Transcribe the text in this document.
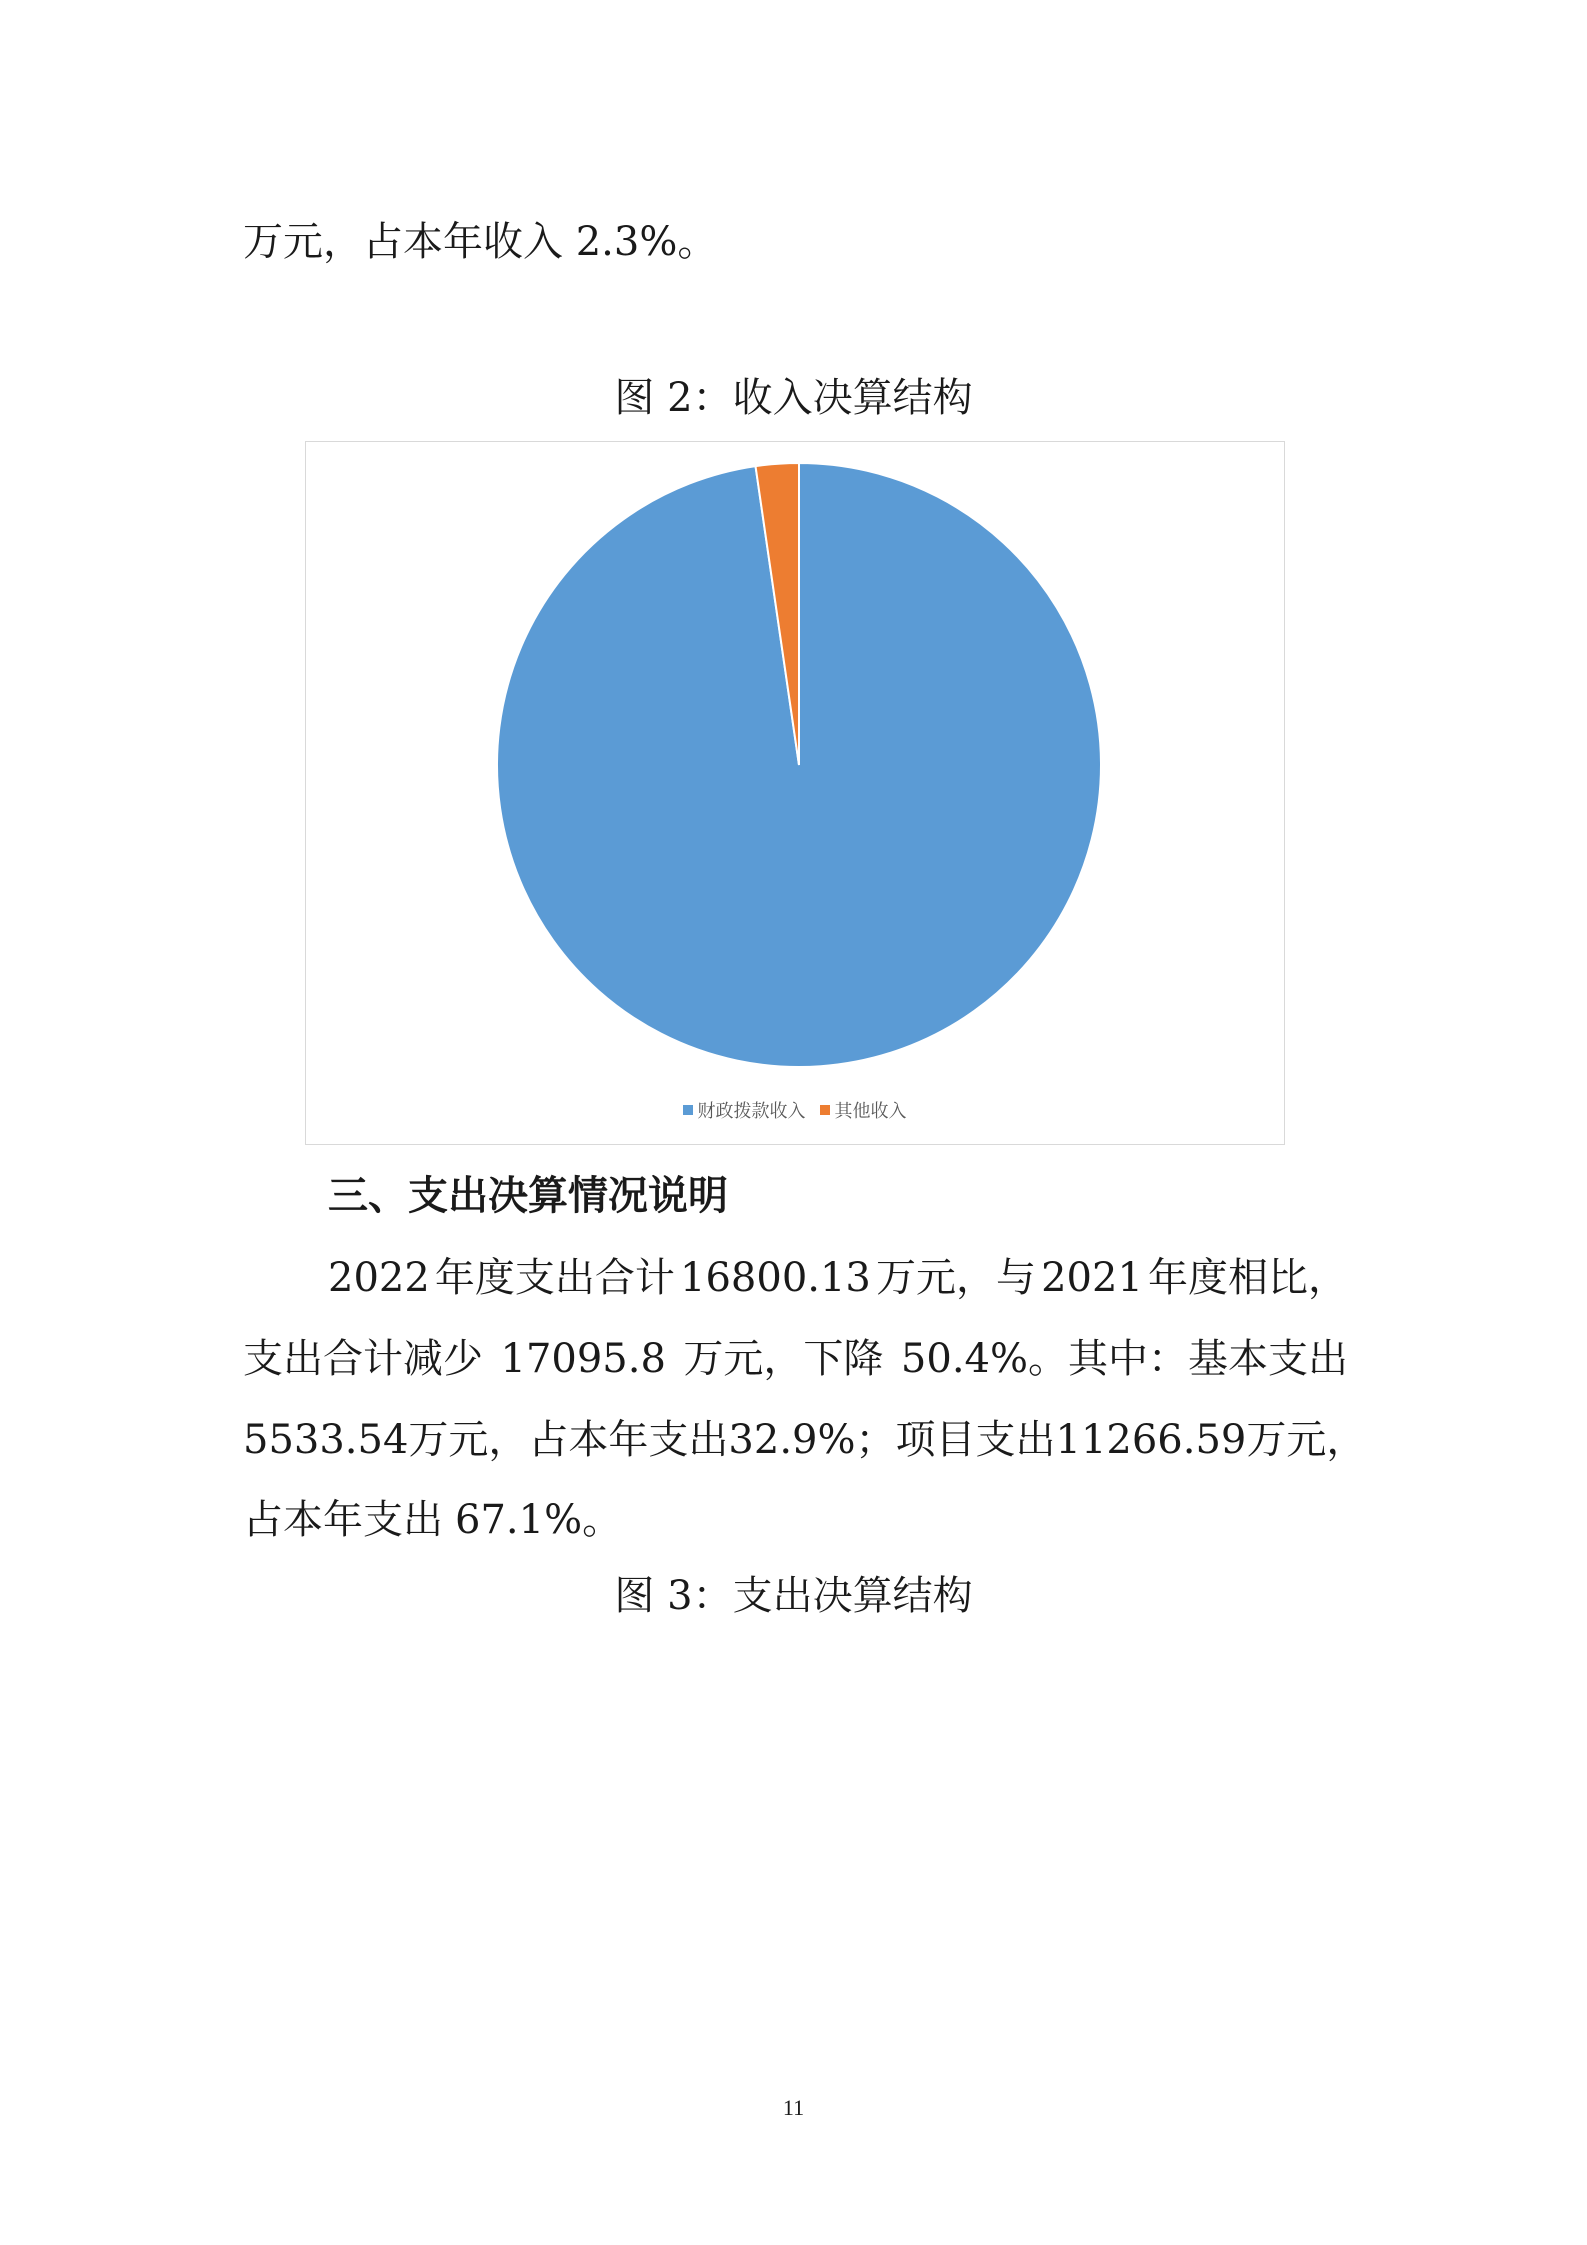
万元，占本年收入 2.3%。
图 2：收入决算结构
财政拨款收入 其他收入
三、支出决算情况说明
2022 年度支出合计 16800.13 万元，与 2021 年度相比，
支出合计减少 17095.8 万元，下降 50.4%。其中：基本支出
5533.54 万元，占本年支出 32.9%；项目支出 11266.59 万元，
占本年支出 67.1%。
图 3：支出决算结构
11
